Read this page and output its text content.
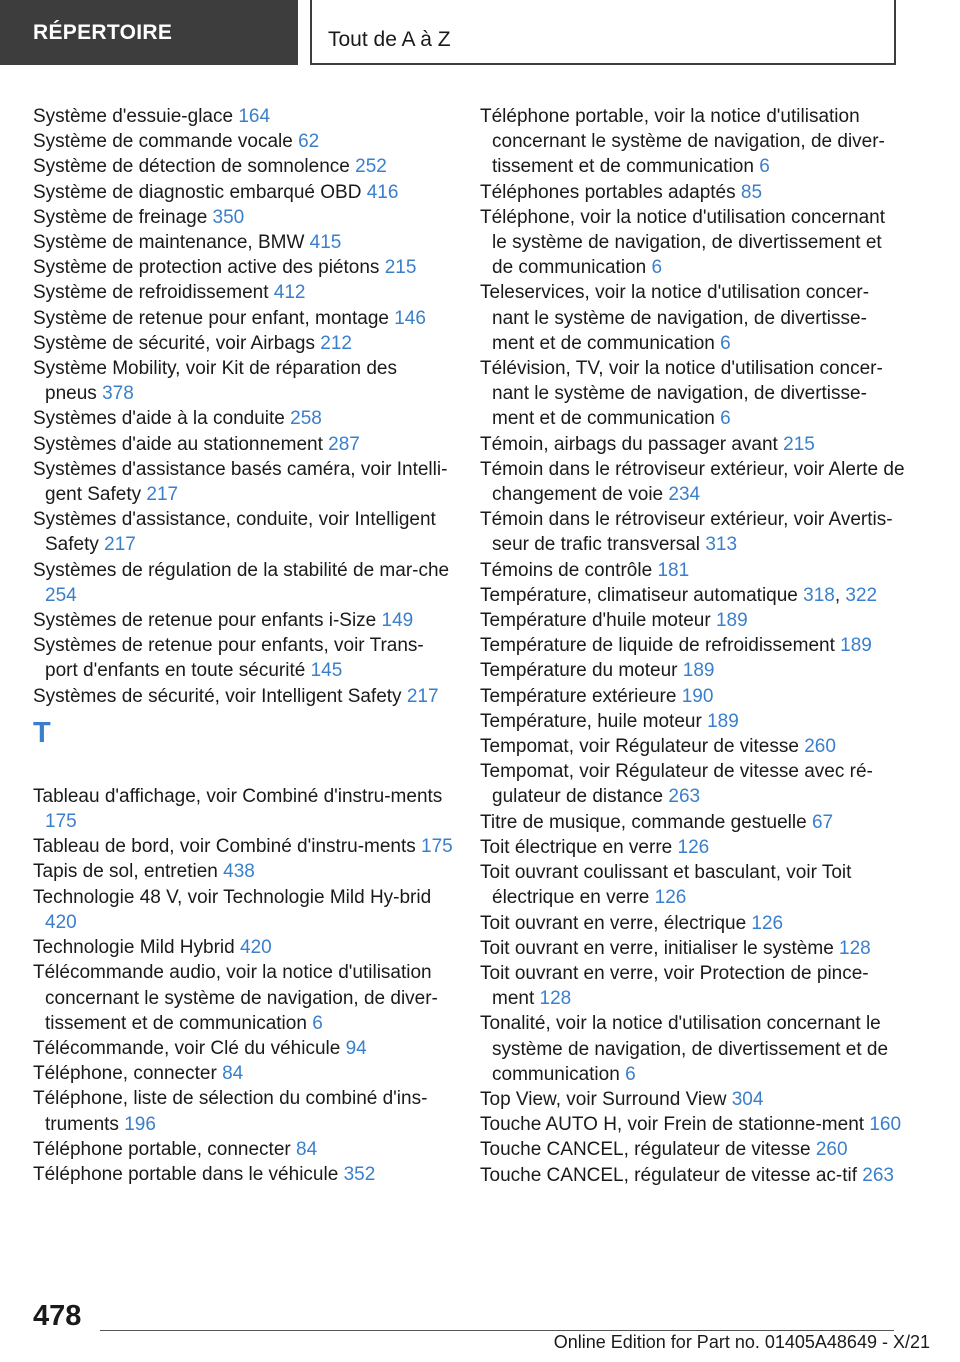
RÉPERTOIRE	Tout de A à Z
Système d'essuie-glace 164
Système de commande vocale 62
Système de détection de somnolence 252
Système de diagnostic embarqué OBD 416
Système de freinage 350
Système de maintenance, BMW 415
Système de protection active des piétons 215
Système de refroidissement 412
Système de retenue pour enfant, montage 146
Système de sécurité, voir Airbags 212
Système Mobility, voir Kit de réparation des pneus 378
Systèmes d'aide à la conduite 258
Systèmes d'aide au stationnement 287
Systèmes d'assistance basés caméra, voir Intelli-gent Safety 217
Systèmes d'assistance, conduite, voir Intelligent Safety 217
Systèmes de régulation de la stabilité de mar-che 254
Systèmes de retenue pour enfants i-Size 149
Systèmes de retenue pour enfants, voir Trans-port d'enfants en toute sécurité 145
Systèmes de sécurité, voir Intelligent Safety 217
T
Tableau d'affichage, voir Combiné d'instru-ments 175
Tableau de bord, voir Combiné d'instru-ments 175
Tapis de sol, entretien 438
Technologie 48 V, voir Technologie Mild Hy-brid 420
Technologie Mild Hybrid 420
Télécommande audio, voir la notice d'utilisation concernant le système de navigation, de diver-tissement et de communication 6
Télécommande, voir Clé du véhicule 94
Téléphone, connecter 84
Téléphone, liste de sélection du combiné d'ins-truments 196
Téléphone portable, connecter 84
Téléphone portable dans le véhicule 352
Téléphone portable, voir la notice d'utilisation concernant le système de navigation, de diver-tissement et de communication 6
Téléphones portables adaptés 85
Téléphone, voir la notice d'utilisation concernant le système de navigation, de divertissement et de communication 6
Teleservices, voir la notice d'utilisation concer-nant le système de navigation, de divertisse-ment et de communication 6
Télévision, TV, voir la notice d'utilisation concer-nant le système de navigation, de divertisse-ment et de communication 6
Témoin, airbags du passager avant 215
Témoin dans le rétroviseur extérieur, voir Alerte de changement de voie 234
Témoin dans le rétroviseur extérieur, voir Avertis-seur de trafic transversal 313
Témoins de contrôle 181
Température, climatiseur automatique 318, 322
Température d'huile moteur 189
Température de liquide de refroidissement 189
Température du moteur 189
Température extérieure 190
Température, huile moteur 189
Tempomat, voir Régulateur de vitesse 260
Tempomat, voir Régulateur de vitesse avec ré-gulateur de distance 263
Titre de musique, commande gestuelle 67
Toit électrique en verre 126
Toit ouvrant coulissant et basculant, voir Toit électrique en verre 126
Toit ouvrant en verre, électrique 126
Toit ouvrant en verre, initialiser le système 128
Toit ouvrant en verre, voir Protection de pince-ment 128
Tonalité, voir la notice d'utilisation concernant le système de navigation, de divertissement et de communication 6
Top View, voir Surround View 304
Touche AUTO H, voir Frein de stationne-ment 160
Touche CANCEL, régulateur de vitesse 260
Touche CANCEL, régulateur de vitesse ac-tif 263
478
Online Edition for Part no. 01405A48649 - X/21
